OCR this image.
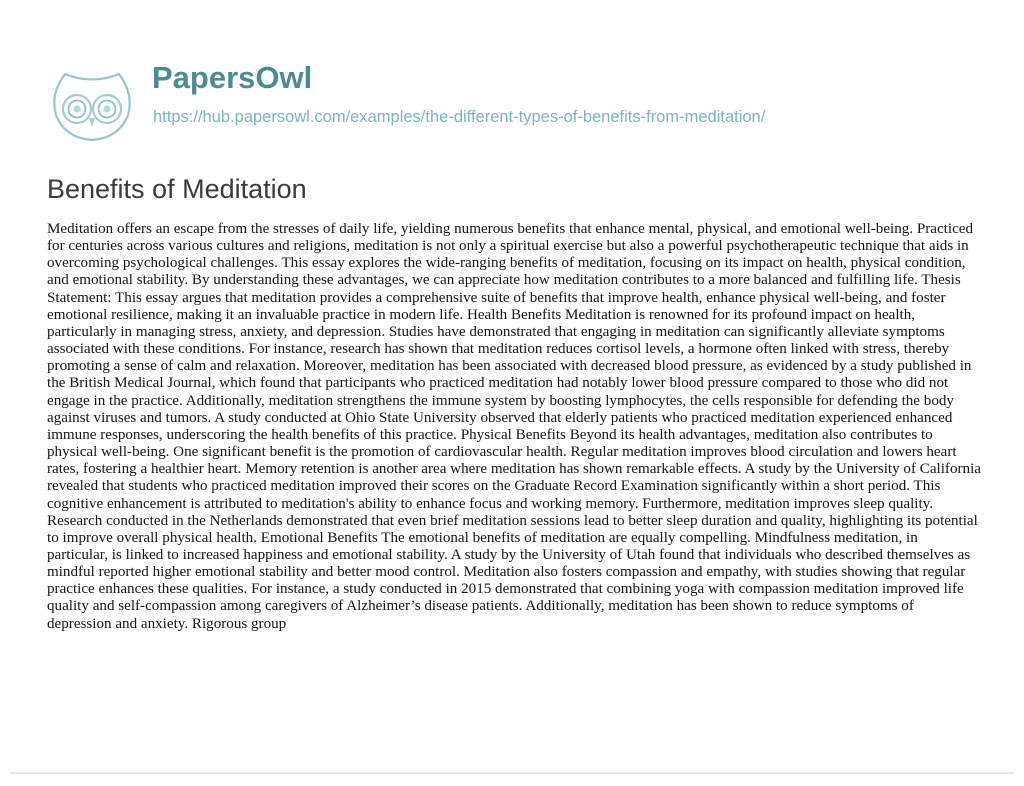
PapersOwl
https://hub.papersowl.com/examples/the-different-types-of-benefits-from-meditation/
Benefits of Meditation

Meditation offers an escape from the stresses of daily life, yielding numerous benefits that enhance mental, physical, and emotional well-being. Practiced for centuries across various cultures and religions, meditation is not only a spiritual exercise but also a powerful psychotherapeutic technique that aids in overcoming psychological challenges. This essay explores the wide-ranging benefits of meditation, focusing on its impact on health, physical condition, and emotional stability. By understanding these advantages, we can appreciate how meditation contributes to a more balanced and fulfilling life. Thesis Statement: This essay argues that meditation provides a comprehensive suite of benefits that improve health, enhance physical well-being, and foster emotional resilience, making it an invaluable practice in modern life. Health Benefits Meditation is renowned for its profound impact on health, particularly in managing stress, anxiety, and depression. Studies have demonstrated that engaging in meditation can significantly alleviate symptoms associated with these conditions. For instance, research has shown that meditation reduces cortisol levels, a hormone often linked with stress, thereby promoting a sense of calm and relaxation. Moreover, meditation has been associated with decreased blood pressure, as evidenced by a study published in the British Medical Journal, which found that participants who practiced meditation had notably lower blood pressure compared to those who did not engage in the practice. Additionally, meditation strengthens the immune system by boosting lymphocytes, the cells responsible for defending the body against viruses and tumors. A study conducted at Ohio State University observed that elderly patients who practiced meditation experienced enhanced immune responses, underscoring the health benefits of this practice. Physical Benefits Beyond its health advantages, meditation also contributes to physical well-being. One significant benefit is the promotion of cardiovascular health. Regular meditation improves blood circulation and lowers heart rates, fostering a healthier heart. Memory retention is another area where meditation has shown remarkable effects. A study by the University of California revealed that students who practiced meditation improved their scores on the Graduate Record Examination significantly within a short period. This cognitive enhancement is attributed to meditation's ability to enhance focus and working memory. Furthermore, meditation improves sleep quality. Research conducted in the Netherlands demonstrated that even brief meditation sessions lead to better sleep duration and quality, highlighting its potential to improve overall physical health. Emotional Benefits The emotional benefits of meditation are equally compelling. Mindfulness meditation, in particular, is linked to increased happiness and emotional stability. A study by the University of Utah found that individuals who described themselves as mindful reported higher emotional stability and better mood control. Meditation also fosters compassion and empathy, with studies showing that regular practice enhances these qualities. For instance, a study conducted in 2015 demonstrated that combining yoga with compassion meditation improved life quality and self-compassion among caregivers of Alzheimer’s disease patients. Additionally, meditation has been shown to reduce symptoms of depression and anxiety. Rigorous group
